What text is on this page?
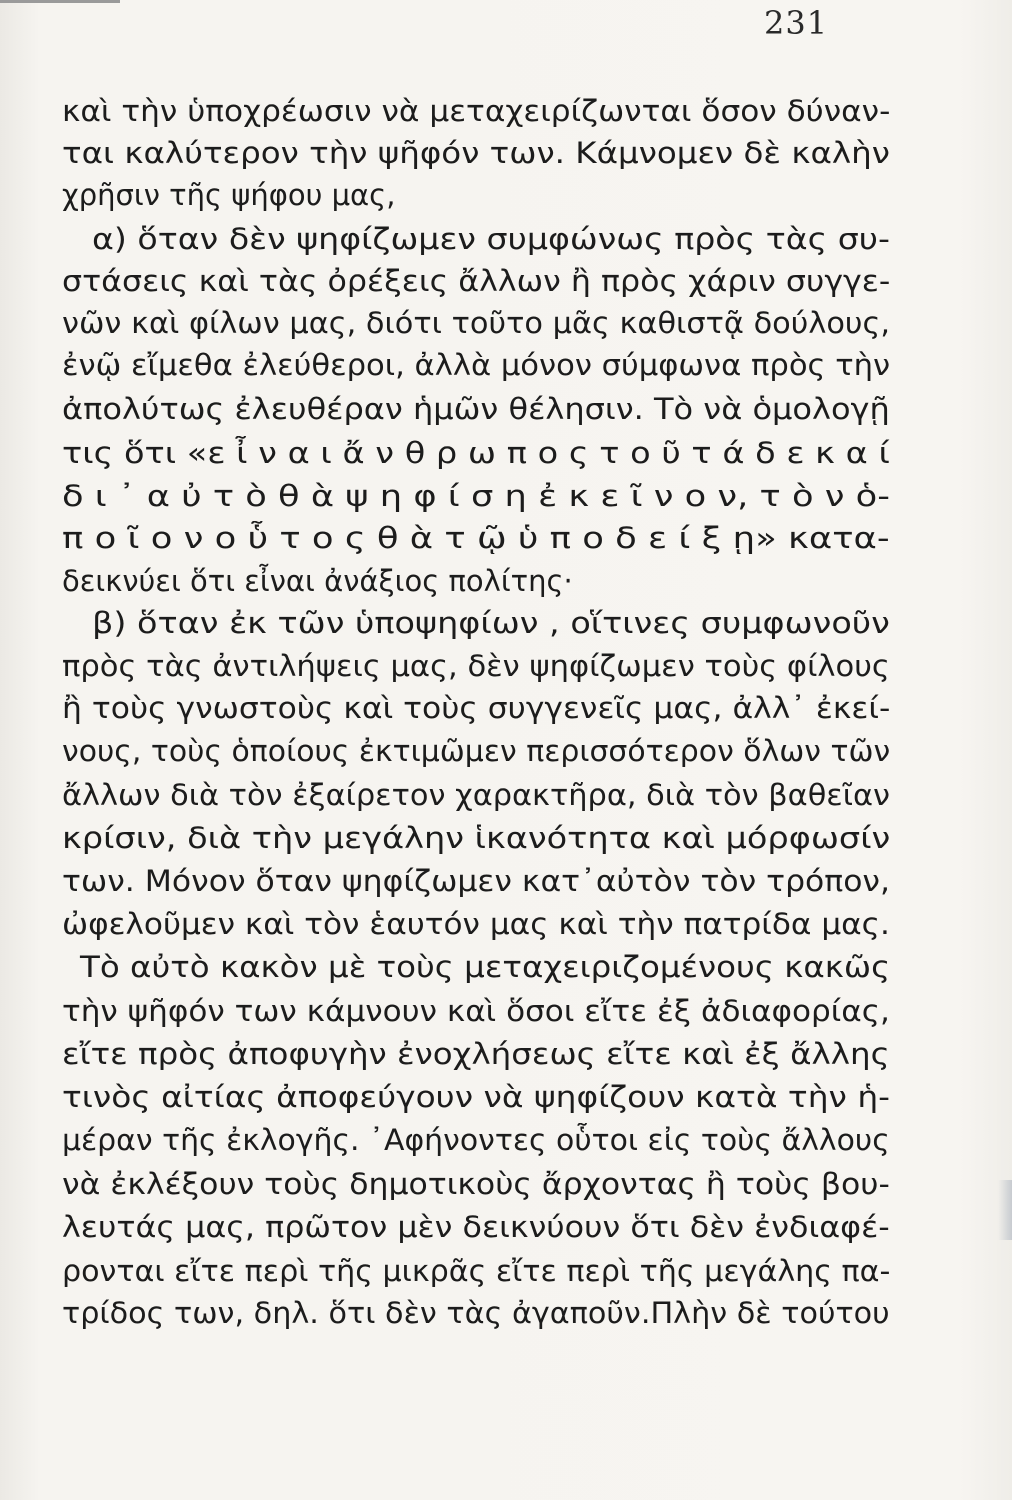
231
καὶ τὴν ὑποχρέωσιν νὰ μεταχειρίζωνται ὅσον δύναν-
ται καλύτερον τὴν ψῆφόν των. Κάμνομεν δὲ καλὴν
χρῆσιν τῆς ψήφου μας,
α) ὅταν δὲν ψηφίζωμεν συμφώνως πρὸς τὰς συ-
στάσεις καὶ τὰς ὀρέξεις ἄλλων ἢ πρὸς χάριν συγγε-
νῶν καὶ φίλων μας, διότι τοῦτο μᾶς καθιστᾷ δούλους,
ἐνῷ εἴμεθα ἐλεύθεροι, ἀλλὰ μόνον σύμφωνα πρὸς τὴν
ἀπολύτως ἐλευθέραν ἡμῶν θέλησιν. Τὸ νὰ ὁμολογῇ
τις ὅτι «ε ἶ ν α ι ἄ ν θ ρ ω π ο ς τ ο ῦ τ ά δ ε κ α ί
δ ι ᾿ α ὐ τ ὸ θ ὰ ψ η φ ί σ η ἐ κ ε ῖ ν ο ν, τ ὸ ν ὁ-
π ο ῖ ο ν ο ὗ τ ο ς θ ὰ τ ῷ ὑ π ο δ ε ί ξ ῃ» κατα-
δεικνύει ὅτι εἶναι ἀνάξιος πολίτης·
β) ὅταν ἐκ τῶν ὑποψηφίων , οἵτινες συμφωνοῦν
πρὸς τὰς ἀντιλήψεις μας, δὲν ψηφίζωμεν τοὺς φίλους
ἢ τοὺς γνωστοὺς καὶ τοὺς συγγενεῖς μας, ἀλλ᾿ ἐκεί-
νους, τοὺς ὁποίους ἐκτιμῶμεν περισσότερον ὅλων τῶν
ἄλλων διὰ τὸν ἐξαίρετον χαρακτῆρα, διὰ τὸν βαθεῖαν
κρίσιν, διὰ τὴν μεγάλην ἱκανότητα καὶ μόρφωσίν
των. Μόνον ὅταν ψηφίζωμεν κατ᾿αὐτὸν τὸν τρόπον,
ὠφελοῦμεν καὶ τὸν ἑαυτόν μας καὶ τὴν πατρίδα μας.
Τὸ αὐτὸ κακὸν μὲ τοὺς μεταχειριζομένους κακῶς
τὴν ψῆφόν των κάμνουν καὶ ὅσοι εἴτε ἐξ ἀδιαφορίας,
εἴτε πρὸς ἀποφυγὴν ἐνοχλήσεως εἴτε καὶ ἐξ ἄλλης
τινὸς αἰτίας ἀποφεύγουν νὰ ψηφίζουν κατὰ τὴν ἡ-
μέραν τῆς ἐκλογῆς. ᾿Αφήνοντες οὗτοι εἰς τοὺς ἄλλους
νὰ ἐκλέξουν τοὺς δημοτικοὺς ἄρχοντας ἢ τοὺς βου-
λευτάς μας, πρῶτον μὲν δεικνύουν ὅτι δὲν ἐνδιαφέ-
ρονται εἴτε περὶ τῆς μικρᾶς εἴτε περὶ τῆς μεγάλης πα-
τρίδος των, δηλ. ὅτι δὲν τὰς ἀγαποῦν.Πλὴν δὲ τούτου
